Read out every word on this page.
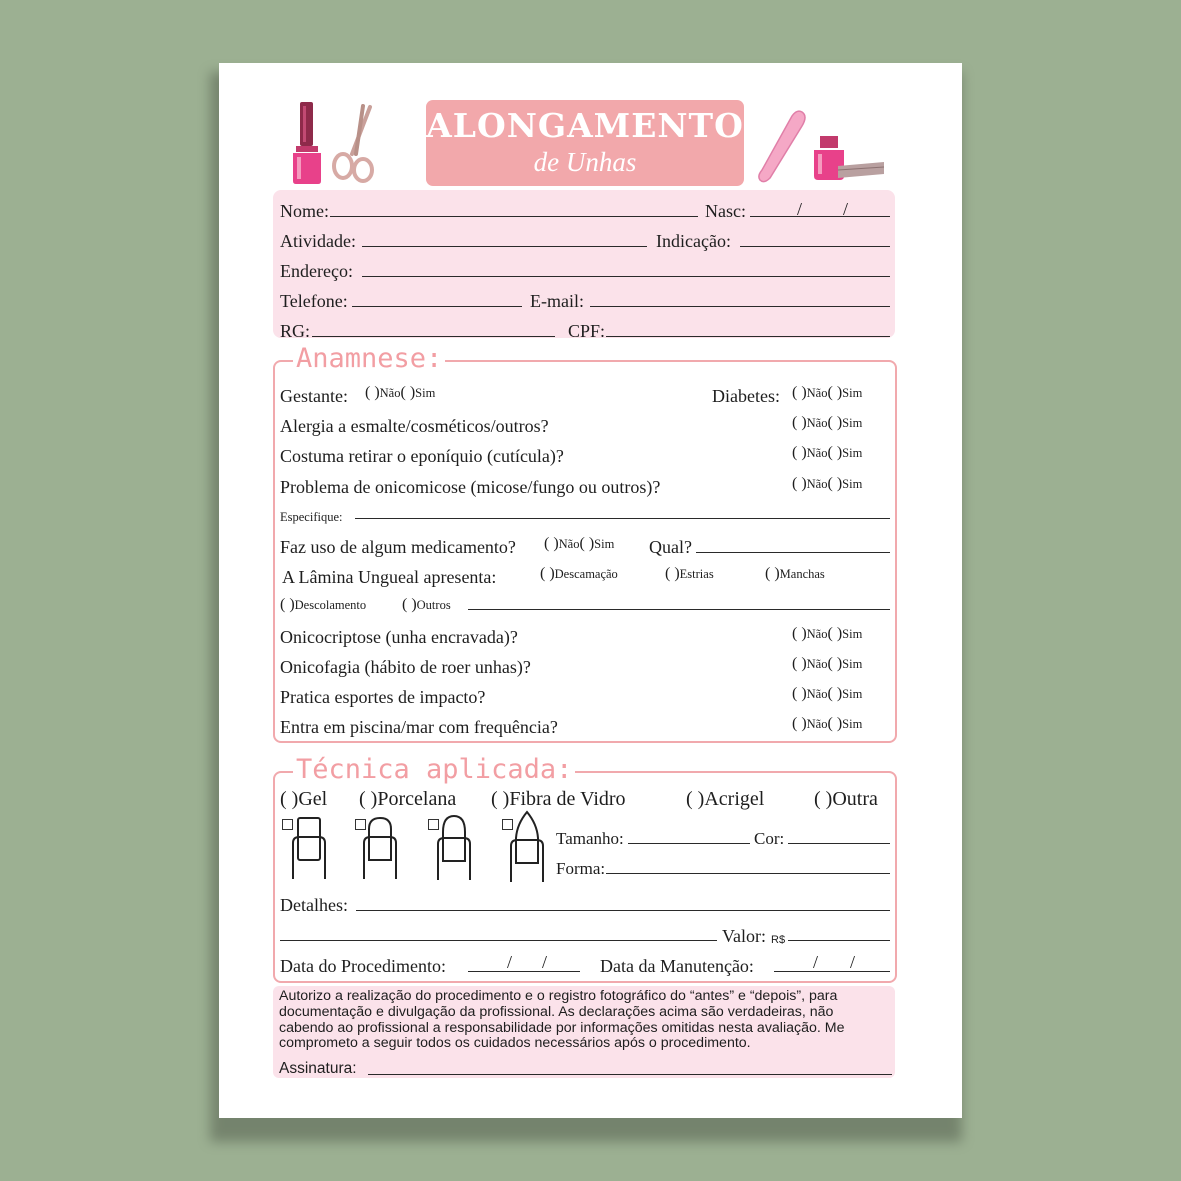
ALONGAMENTO
de Unhas
Nome:	Nasc:	/ /
Atividade:	Indicação:
Endereço:
Telefone:	E-mail:
RG:	CPF:
Anamnese:
Gestante: ( )Não( )Sim	Diabetes: ( )Não( )Sim
Alergia a esmalte/cosméticos/outros?	( )Não( )Sim
Costuma retirar o eponíquio (cutícula)?	( )Não( )Sim
Problema de onicomicose (micose/fungo ou outros)?	( )Não( )Sim
Especifique:
Faz uso de algum medicamento? ( )Não( )Sim Qual?
A Lâmina Ungueal apresenta:	( )Descamação	( )Estrias	( )Manchas
( )Descolamento ( )Outros
Onicocriptose (unha encravada)?	( )Não( )Sim
Onicofagia (hábito de roer unhas)?	( )Não( )Sim
Pratica esportes de impacto?	( )Não( )Sim
Entra em piscina/mar com frequência?	( )Não( )Sim
Técnica aplicada:
( )Gel ( )Porcelana ( )Fibra de Vidro	( )Acrigel ( )Outra
Tamanho:	Cor:
Forma:
Detalhes:
Valor: R$
Data do Procedimento:	/ /	Data da Manutenção:	/ /
Autorizo a realização do procedimento e o registro fotográfico do “antes” e “depois”, para
documentação e divulgação da profissional. As declarações acima são verdadeiras, não
cabendo ao profissional a responsabilidade por informações omitidas nesta avaliação. Me
comprometo a seguir todos os cuidados necessários após o procedimento.
Assinatura:
